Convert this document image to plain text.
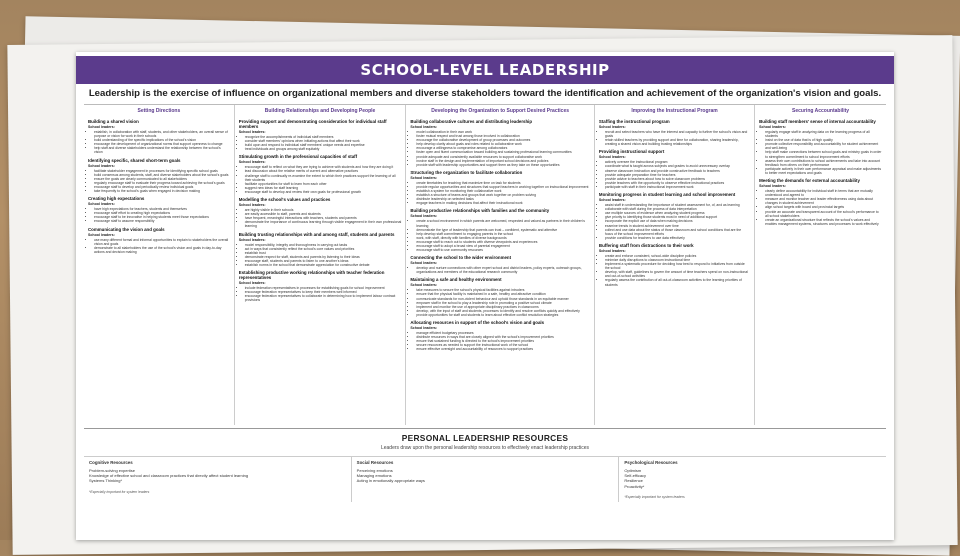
SCHOOL-LEVEL LEADERSHIP
Leadership is the exercise of influence on organizational members and diverse stakeholders toward the identification and achievement of the organization's vision and goals.
Setting Directions
Building a shared vision
School leaders:
• establish, in collaboration with staff, students, and other stakeholders, an overall sense of purpose or vision for work in their schools
• build understanding of the specific implications of the school's vision
• encourage the development of organizational norms that support openness to change
• help staff and diverse stakeholders understand the relationship between the school's vision
Identifying specific, shared short-term goals
School leaders:
• facilitate stakeholder engagement in processes for identifying specific school goals
• build consensus among students, staff, and diverse stakeholders about the school's goals
• ensure the goals are clearly communicated to all stakeholders
• regularly encourage staff to evaluate their progress toward achieving the school's goals
• encourage staff to develop and periodically review individual goals
• take frequently to the school's goals when engaged in decision making
Creating high expectations
School leaders:
• have high expectations for teachers, students and themselves
• encourage staff effort to creating high expectations
• encourage staff to be innovative in helping students meet those expectations
• encourage staff to assume responsibility
Communicating the vision and goals
School leaders:
• use many different formal and informal opportunities to explain to stakeholders the overall vision and goals
• demonstrate to all stakeholders the use of the school's vision and goals in day-to-day actions and decision making
Building Relationships and Developing People
Providing support and demonstrating consideration for individual staff members
School leaders:
• recognize the accomplishments of individual staff members
• consider staff members' opinions when initiating actions that affect their work
• build upon and respond to individual staff members' unique needs and expertise
• treat individuals and groups among staff equitably
Stimulating growth in the professional capacities of staff
School leaders:
• encourage staff to reflect on what they are trying to achieve with students and how they are doing it
• lead discussion about the relative merits of current and alternative practices
• challenge staff to continually re-examine the extent to which their practices support the learning of all their students
• facilitate opportunities for staff to learn from each other
• suggest new ideas for staff learning
• encourage staff to develop and review their own goals for professional growth
Modelling the school's values and practices
School leaders:
• are highly visible in their schools
• are easily accessible to staff, parents and students
• have frequent, meaningful interactions with teachers, students and parents
• demonstrate the importance of continuous learning through visible engagement in their own professional learning
Building trusting relationships with and among staff, students and parents
School leaders:
• model responsibility, integrity and thoroughness in carrying out tasks
• act in ways that consistently reflect the school's core values and priorities
• establish trust
• demonstrate respect for staff, students and parents by listening to their ideas
• encourage staff, students and parents to listen to one another's ideas
• establish norms in the school that demonstrate appreciation for constructive debate
Establishing productive working relationships with teacher federation representatives
School leaders:
• include federation representatives in processes for establishing goals for school improvement
• encourage federation representatives to keep their members well informed
• encourage federation representatives to collaborate in determining how to implement labour contract provisions
Developing the Organization to Support Desired Practices
Building collaborative cultures and distributing leadership
School leaders:
• model collaboration in their own work
• foster mutual respect and trust among those involved in collaboration
• encourage the collaborative development of group processes and outcomes
• help develop clarity about goals and roles related to collaborative work
• encourage a willingness to compromise among collaborators
• foster open and fluent communication toward building and sustaining professional learning communities
• provide adequate and consistently available resources to support collaborative work
• involve staff in the design and implementation of important school decisions and policies
• provide staff with leadership opportunities and support them as they take on these opportunities
Structuring the organization to facilitate collaboration
School leaders:
• create timetables for teaching that maximize time on task for students
• provide regular opportunities and structures that support teachers in working together on instructional improvement
• establish a system for monitoring their collaborative work
• establish a structure of teams and groups that work together on problem solving
• distribute leadership on selected tasks
• engage teachers in making decisions that affect their instructional work
Building productive relationships with families and the community
School leaders:
• create a school environment in which parents are welcomed, respected and valued as partners in their children's learning
• demonstrate the type of leadership that parents can trust – confident, systematic and attentive
• help develop staff commitment to engaging parents in the school
• work, with staff, directly with families of diverse backgrounds
• encourage staff to reach out to students with diverse viewpoints and experiences
• encourage staff to adopt a broad view of parental engagement
• encourage staff to use community resources
Connecting the school to the wider environment
School leaders:
• develop and nurture connections with other expert school and district leaders, policy experts, outreach groups, organizations and members of the educational research community
Maintaining a safe and healthy environment
School leaders:
• take measures to secure the school's physical facilities against intruders
• ensure that the physical facility is maintained in a safe, healthy and attractive condition
• communicate standards for non-violent behaviour and uphold those standards in an equitable manner
• empower staff in the school to play a leadership role in promoting a positive school climate
• implement and monitor the use of appropriate disciplinary practices in classrooms
• develop, with the input of staff and students, processes to identify and resolve conflicts quickly and effectively
• provide opportunities for staff and students to learn about effective conflict resolution strategies
Allocating resources in support of the school's vision and goals
School leaders:
• manage efficient budgetary processes
• distribute resources in ways that are closely aligned with the school's improvement priorities
• ensure that sustained funding is directed to the school's improvement priorities
• secure resources as needed to support the instructional work of the school
• ensure effective oversight and accountability of resources to support practices
Improving the Instructional Program
Staffing the instructional program
School leaders:
• recruit and select teachers who have the interest and capacity to further the school's vision and goals
• retain skilled teachers by providing support and time for collaboration, sharing leadership, creating a shared vision and building trusting relationships
Providing instructional support
School leaders:
• actively oversee the instructional program
• coordinate what is taught across subjects and grades to avoid unnecessary overlap
• observe classroom instruction and provide constructive feedback to teachers
• provide adequate preparation time for teachers
• provide advice to teachers about how to solve classroom problems
• provide teachers with the opportunity to observe effective instructional practices
• participate with staff in their instructional improvement work
Monitoring progress in student learning and school improvement
School leaders:
• assist staff in understanding the importance of student assessment for, of, and as learning
• collaborate with staff during the process of data interpretation
• use multiple sources of evidence when analyzing student progress
• give priority to identifying those students most in need of additional support
• incorporate the explicit use of data when making decisions
• examine trends in student achievement over time
• collect and use data about the status of those classroom and school conditions that are the focus of the school improvement efforts
• provide conditions for teachers to use data effectively
Buffering staff from distractions to their work
School leaders:
• create and enforce consistent, school-wide discipline policies
• minimize daily disruptions to classroom instructional time
• implement a systematic procedure for deciding how best to respond to initiatives from outside the school
• develop, with staff, guidelines to govern the amount of time teachers spend on non-instructional and out-of-school activities
• regularly assess the contribution of all out-of-classroom activities to the learning priorities of students
Securing Accountability
Building staff members' sense of internal accountability
School leaders:
• regularly engage staff in analyzing data on the learning progress of all students
• insist on the use of data that is of high quality
• promote collective responsibility and accountability for student achievement and well-being
• help staff make connections between school goals and ministry goals in order to strengthen commitment to school improvement efforts
• assess their own contributions to school achievements and take into account feedback from others on their performance
• participate actively in their own performance appraisal and make adjustments to better meet expectations and goals
Meeting the demands for external accountability
School leaders:
• clearly define accountability for individual staff in terms that are mutually understood and agreed to
• measure and monitor teacher and leader effectiveness using data about changes in student achievement
• align school targets with board and provincial targets
• provide an accurate and transparent account of the school's performance to all school stakeholders
• create an organizational structure that reflects the school's values and enables management systems, structures and processes to work effectively
PERSONAL LEADERSHIP RESOURCES
Leaders draw upon the personal leadership resources to effectively enact leadership practices
Cognitive Resources
Problem-solving expertise
Knowledge of effective school and classroom practices that directly affect student learning
Systems Thinking*
*Especially important for system leaders
Social Resources
Perceiving emotions
Managing emotions
Acting in emotionally appropriate ways
Psychological Resources
Optimism
Self-efficacy
Resilience
Proactivity*
*Especially important for system leaders
